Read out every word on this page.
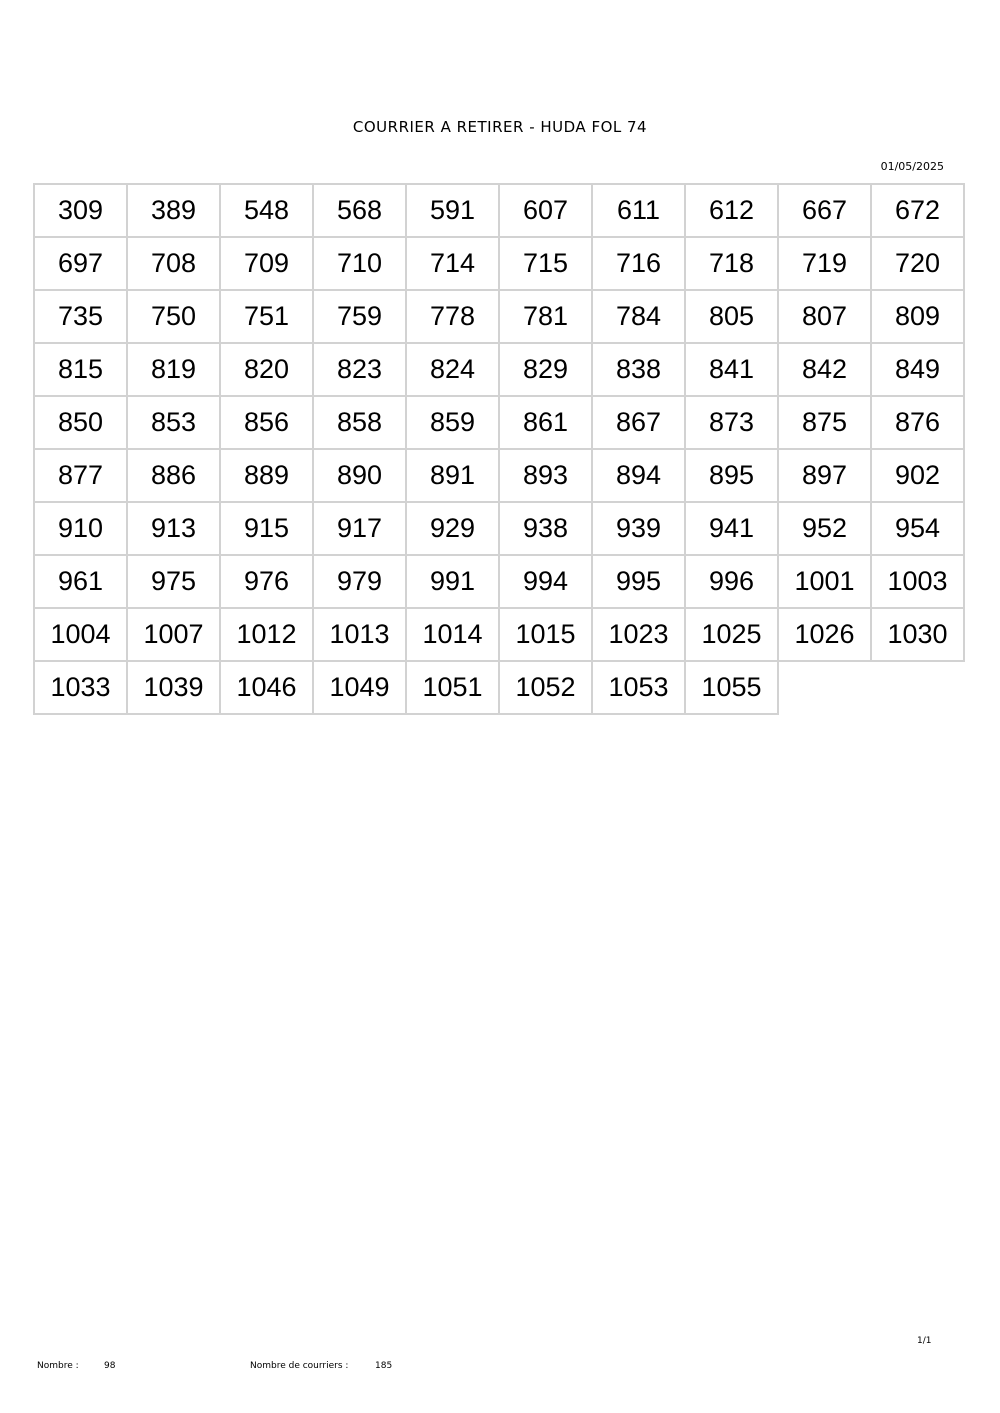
COURRIER A RETIRER - HUDA FOL 74
01/05/2025
309	389	548	568	591	607	611	612	667	672
697	708	709	710	714	715	716	718	719	720
735	750	751	759	778	781	784	805	807	809
815	819	820	823	824	829	838	841	842	849
850	853	856	858	859	861	867	873	875	876
877	886	889	890	891	893	894	895	897	902
910	913	915	917	929	938	939	941	952	954
961	975	976	979	991	994	995	996	1001	1003
1004	1007	1012	1013	1014	1015	1023	1025	1026	1030
1033	1039	1046	1049	1051	1052	1053	1055		
1/1
Nombre :	98	Nombre de courriers :	185
